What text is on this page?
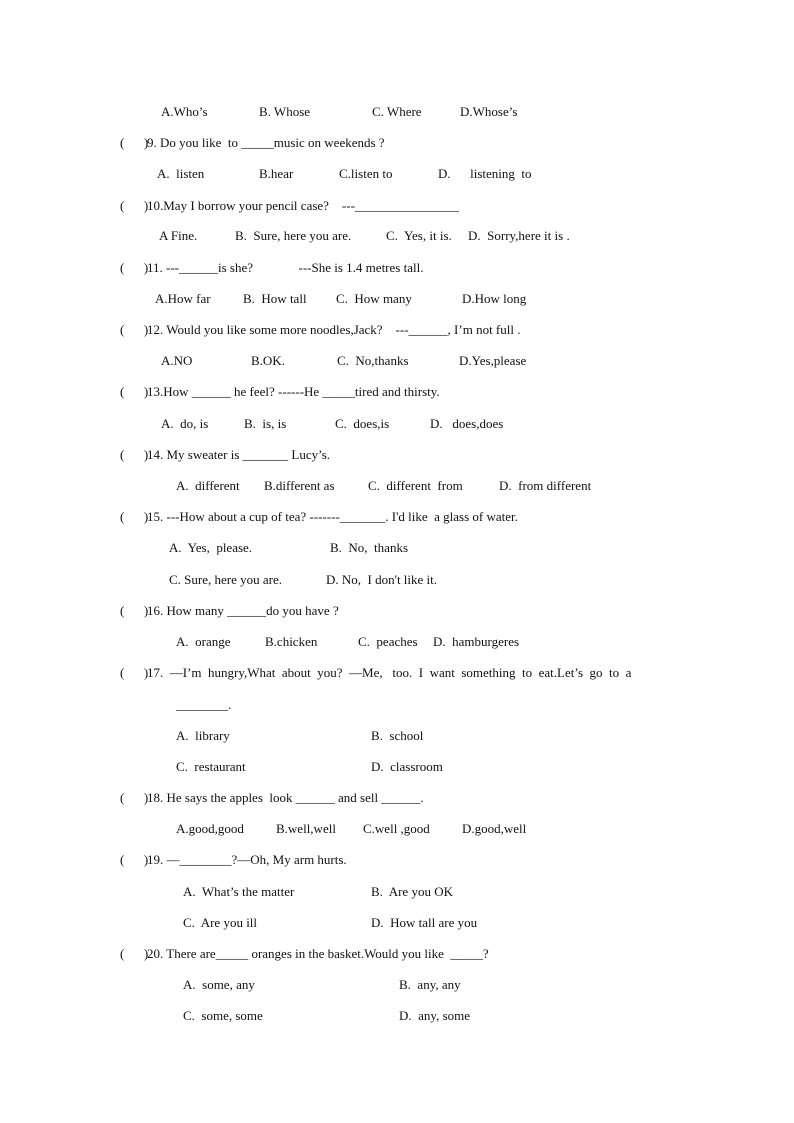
A.Who’s	B. Whose	C. Where	D.Whose’s
(      )
9. Do you like  to _____music on weekends ?
A.  listen	B.hear	C.listen to	D.      listening  to
(      )
10.May I borrow your pencil case?    ---________________
A Fine.	B.  Sure, here you are.	C.  Yes, it is. D.  Sorry,here it is .
(      )
11. ---______is she?              ---She is 1.4 metres tall.
A.How far B.  How tall C.  How many	D.How long
(      )
12. Would you like some more noodles,Jack?    ---______, I’m not full .
A.NO	B.OK.	C.  No,thanks	D.Yes,please
(      )
13.How ______ he feel? ------He _____tired and thirsty.
A.  do, is	B.  is, is	C.  does,is	D.   does,does
(      )
14. My sweater is _______ Lucy’s.
A.  different B.different as	C.  different  from	D.  from different
(      )
15. ---How about a cup of tea? -------_______. I'd like  a glass of water.
A.  Yes,  please.	B.  No,  thanks
C. Sure, here you are.	D. No,  I don't like it.
(      )
16. How many ______do you have ?
A.  orange	B.chicken	C.  peaches D.  hamburgeres
(      )
17.  —I’m  hungry,What  about  you?  —Me,   too.  I  want  something  to  eat.Let’s  go  to  a
________.
A.  library	B.  school
C.  restaurant	D.  classroom
(      )
18. He says the apples  look ______ and sell ______.
A.good,good B.well,well C.well ,good D.good,well
(      )
19. —________?—Oh, My arm hurts.
A.  What’s the matter	B.  Are you OK
C.  Are you ill	D.  How tall are you
(      )
20. There are_____ oranges in the basket.Would you like  _____?
A.  some, any	B.  any, any
C.  some, some	D.  any, some
